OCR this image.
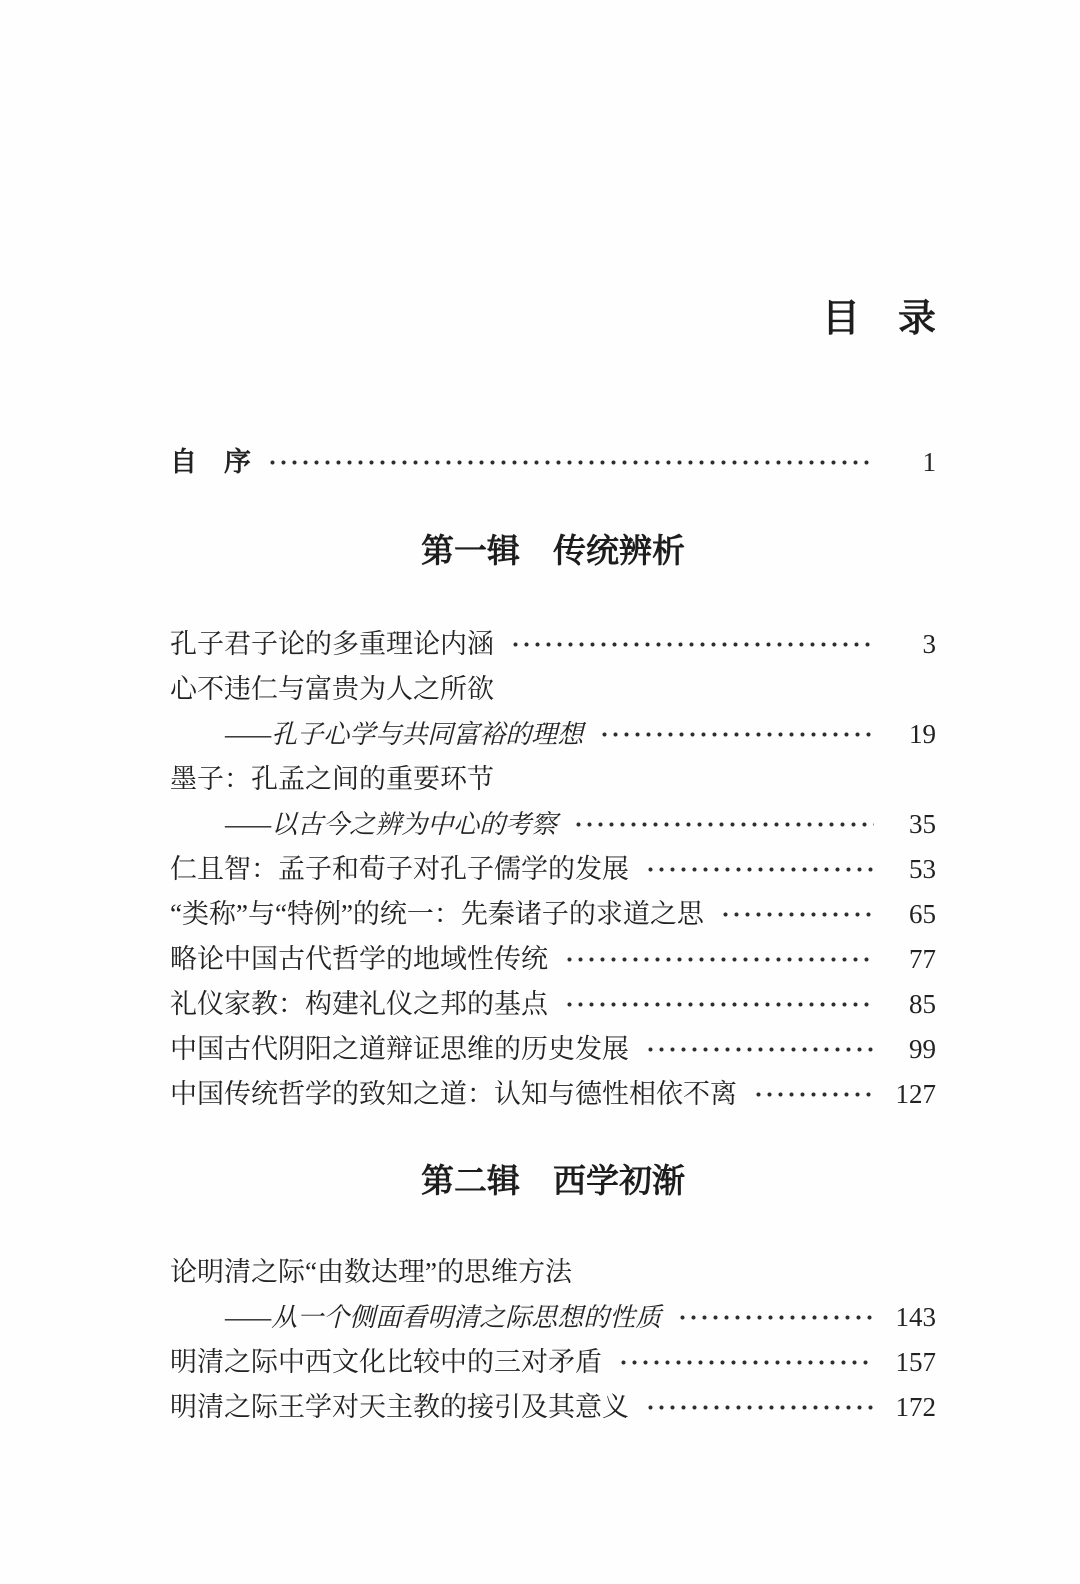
目　录
自　序	1
第一辑　传统辨析
孔子君子论的多重理论内涵	3
心不违仁与富贵为人之所欲
——孔子心学与共同富裕的理想	19
墨子：孔孟之间的重要环节
——以古今之辨为中心的考察	35
仁且智：孟子和荀子对孔子儒学的发展	53
“类称”与“特例”的统一：先秦诸子的求道之思	65
略论中国古代哲学的地域性传统	77
礼仪家教：构建礼仪之邦的基点	85
中国古代阴阳之道辩证思维的历史发展	99
中国传统哲学的致知之道：认知与德性相依不离	127
第二辑　西学初渐
论明清之际“由数达理”的思维方法
——从一个侧面看明清之际思想的性质	143
明清之际中西文化比较中的三对矛盾	157
明清之际王学对天主教的接引及其意义	172
